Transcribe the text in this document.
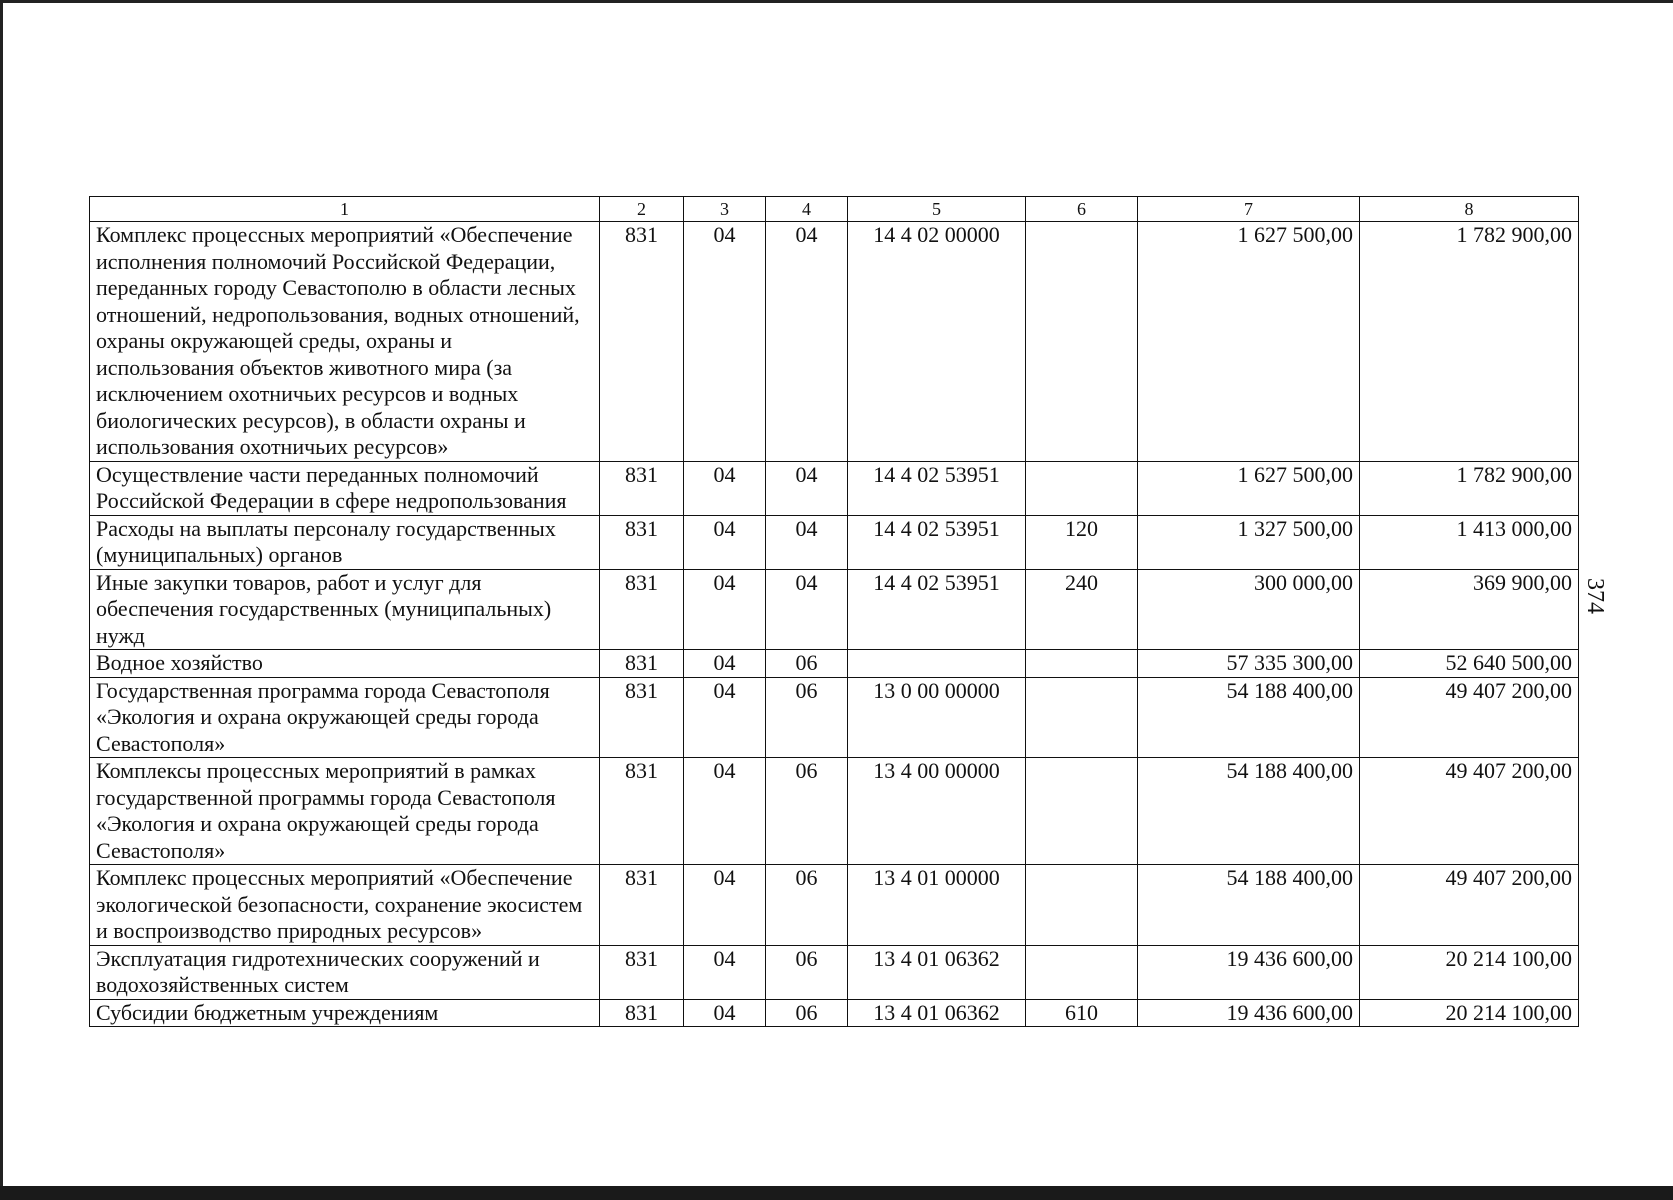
1	2	3	4	5	6	7	8
Комплекс процессных мероприятий «Обеспечение исполнения полномочий Российской Федерации, переданных городу Севастополю в области лесных отношений, недропользования, водных отношений, охраны окружающей среды, охраны и использования объектов животного мира (за исключением охотничьих ресурсов и водных биологических ресурсов), в области охраны и использования охотничьих ресурсов»	831	04	04	14 4 02 00000		1 627 500,00	1 782 900,00
Осуществление части переданных полномочий Российской Федерации в сфере недропользования	831	04	04	14 4 02 53951		1 627 500,00	1 782 900,00
Расходы на выплаты персоналу государственных (муниципальных) органов	831	04	04	14 4 02 53951	120	1 327 500,00	1 413 000,00
Иные закупки товаров, работ и услуг для обеспечения государственных (муниципальных) нужд	831	04	04	14 4 02 53951	240	300 000,00	369 900,00
Водное хозяйство	831	04	06			57 335 300,00	52 640 500,00
Государственная программа города Севастополя «Экология и охрана окружающей среды города Севастополя»	831	04	06	13 0 00 00000		54 188 400,00	49 407 200,00
Комплексы процессных мероприятий в рамках государственной программы города Севастополя «Экология и охрана окружающей среды города Севастополя»	831	04	06	13 4 00 00000		54 188 400,00	49 407 200,00
Комплекс процессных мероприятий «Обеспечение экологической безопасности, сохранение экосистем и воспроизводство природных ресурсов»	831	04	06	13 4 01 00000		54 188 400,00	49 407 200,00
Эксплуатация гидротехнических сооружений и водохозяйственных систем	831	04	06	13 4 01 06362		19 436 600,00	20 214 100,00
Субсидии бюджетным учреждениям	831	04	06	13 4 01 06362	610	19 436 600,00	20 214 100,00
374
